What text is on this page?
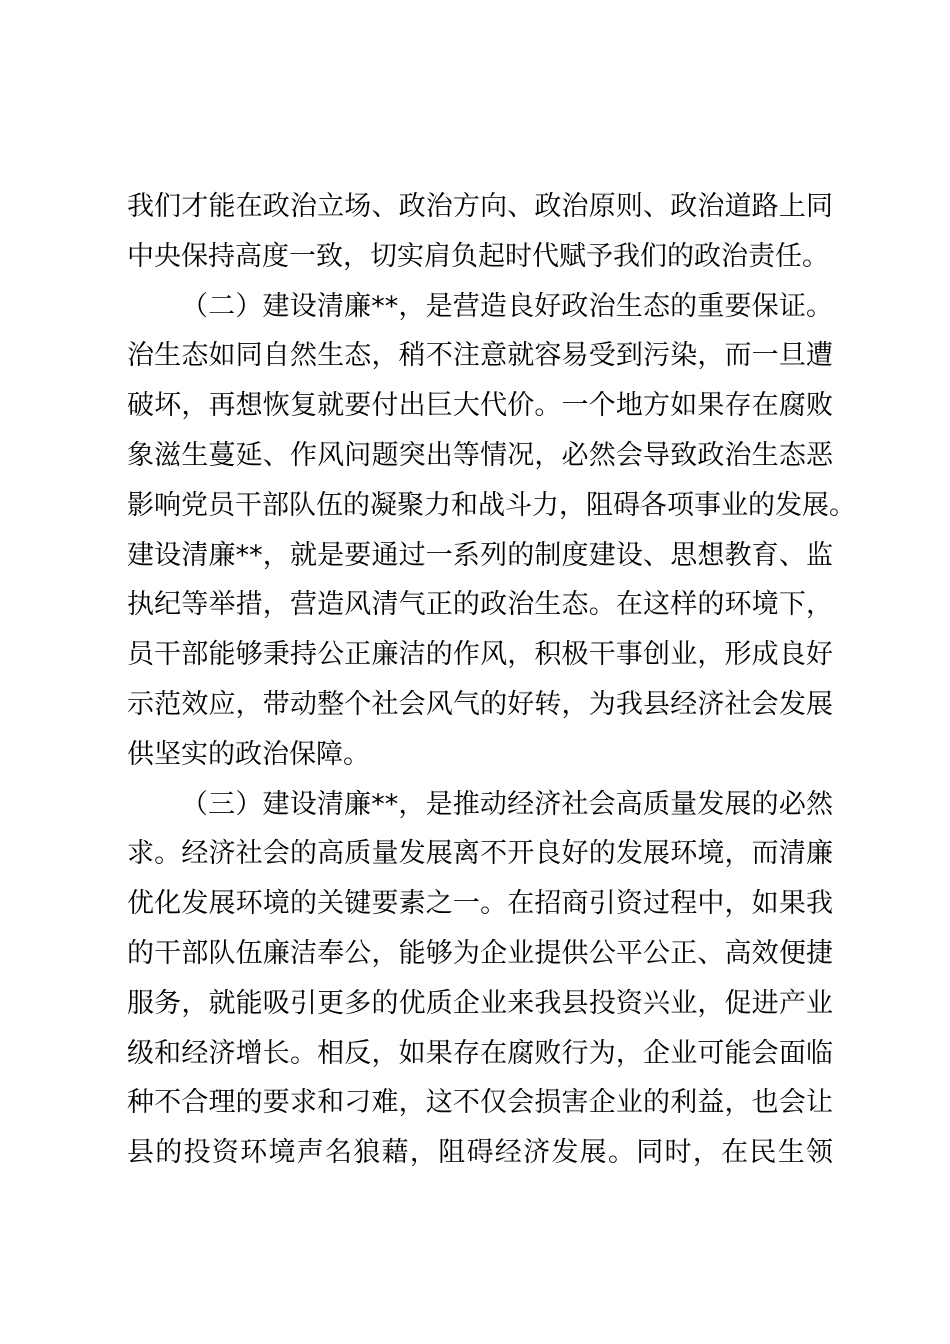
我们才能在政治立场、政治方向、政治原则、政治道路上同
中央保持高度一致，切实肩负起时代赋予我们的政治责任。
（二）建设清廉**，是营造良好政治生态的重要保证。
治生态如同自然生态，稍不注意就容易受到污染，而一旦遭
破坏，再想恢复就要付出巨大代价。一个地方如果存在腐败
象滋生蔓延、作风问题突出等情况，必然会导致政治生态恶
影响党员干部队伍的凝聚力和战斗力，阻碍各项事业的发展。
建设清廉**，就是要通过一系列的制度建设、思想教育、监
执纪等举措，营造风清气正的政治生态。在这样的环境下，
员干部能够秉持公正廉洁的作风，积极干事创业，形成良好
示范效应，带动整个社会风气的好转，为我县经济社会发展
供坚实的政治保障。
（三）建设清廉**，是推动经济社会高质量发展的必然
求。经济社会的高质量发展离不开良好的发展环境，而清廉
优化发展环境的关键要素之一。在招商引资过程中，如果我
的干部队伍廉洁奉公，能够为企业提供公平公正、高效便捷
服务，就能吸引更多的优质企业来我县投资兴业，促进产业
级和经济增长。相反，如果存在腐败行为，企业可能会面临
种不合理的要求和刁难，这不仅会损害企业的利益，也会让
县的投资环境声名狼藉，阻碍经济发展。同时，在民生领
